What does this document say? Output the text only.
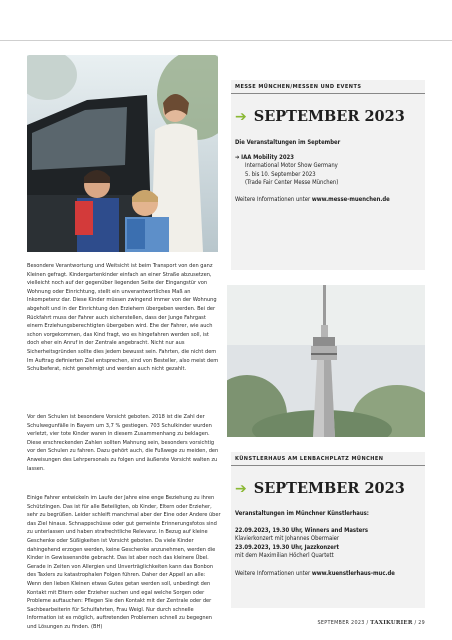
Besondere Verantwortung und Weitsicht ist beim Transport von den ganz Kleinen gefragt. Kindergartenkinder einfach an einer Straße abzusetzen, vielleicht noch auf der gegenüber liegenden Seite der Eingangstür von Wohnung oder Einrichtung, stellt ein unverantwortliches Maß an Inkompetenz dar. Diese Kinder müssen zwingend immer von der Wohnung abgeholt und in der Einrichtung den Erziehern übergeben werden. Bei der Rückfahrt muss der Fahrer auch sicherstellen, dass der Junge Fahrgast einem Erziehungsberechtigten übergeben wird. Ehe der Fahrer, wie auch schon vorgekommen, das Kind fragt, wo es hingefahren werden soll, ist doch eher ein Anruf in der Zentrale angebracht. Nicht nur aus Sicherheitsgründen sollte dies jedem bewusst sein. Fahrten, die nicht dem Im Auftrag definierten Ziel entsprechen, sind von Besteller, also meist dem Schulbeferat, nicht genehmigt und werden auch nicht gezahlt.

Vor den Schulen ist besondere Vorsicht geboten. 2018 ist die Zahl der Schulwegunfälle in Bayern um 3,7 % gestiegen. 703 Schulkinder wurden verletzt, vier tote Kinder waren in diesem Zusammenhang zu beklagen. Diese erschreckenden Zahlen sollten Mahnung sein, besonders vorsichtig vor den Schulen zu fahren. Dazu gehört auch, die Fußwege zu meiden, den Anweisungen des Lehrpersonals zu folgen und äußerste Vorsicht walten zu lassen.

Einige Fahrer entwickeln im Laufe der Jahre eine enge Beziehung zu ihren Schützlingen. Das ist für alle Beteiligten, ob Kinder, Eltern oder Erzieher, sehr zu begrüßen. Leider schleift manchmal aber der Eine oder Andere über das Ziel hinaus. Schnappschüsse oder gut gemeinte Erinnerungsfotos sind zu unterlassen und haben strafrechtliche Relevanz. In Bezug auf kleine Geschenke oder Süßigkeiten ist Vorsicht geboten. Da viele Kinder dahingehend erzogen werden, keine Geschenke anzunehmen, werden die Kinder in Gewissensnöte gebracht. Das ist aber noch das kleinere Übel. Gerade in Zeiten von Allergien und Unverträglichkeiten kann das Bonbon des Taxlers zu katastrophalen Folgen führen. Daher der Appell an alle: Wenn den lieben Kleinen etwas Gutes getan werden soll, unbedingt den Kontakt mit Eltern oder Erzieher suchen und egal welche Sorgen oder Probleme auftauchen: Pflegen Sie den Kontakt mit der Zentrale oder der Sachbearbeiterin für Schulfahrten, Frau Weigl. Nur durch schnelle Information ist es möglich, auftretenden Problemen schnell zu begegnen und Lösungen zu finden. (BH)

MESSE MÜNCHEN/MESSEN UND EVENTS
➔ SEPTEMBER 2023
Die Veranstaltungen im September
➔ IAA Mobility 2023
International Motor Show Germany
5. bis 10. September 2023
(Trade Fair Center Messe München)
Weitere Informationen unter www.messe-muenchen.de
KÜNSTLERHAUS AM LENBACHPLATZ MÜNCHEN
➔ SEPTEMBER 2023
Veranstaltungen im Münchner Künstlerhaus:
22.09.2023, 19.30 Uhr, Winners and Masters
Klavierkonzert mit Johannes Obermaier
23.09.2023, 19.30 Uhr, Jazzkonzert
mit dem Maximilian Höcherl Quartett
Weitere Informationen unter www.kuenstlerhaus-muc.de
SEPTEMBER 2023 / TAXIKURIER / 29
